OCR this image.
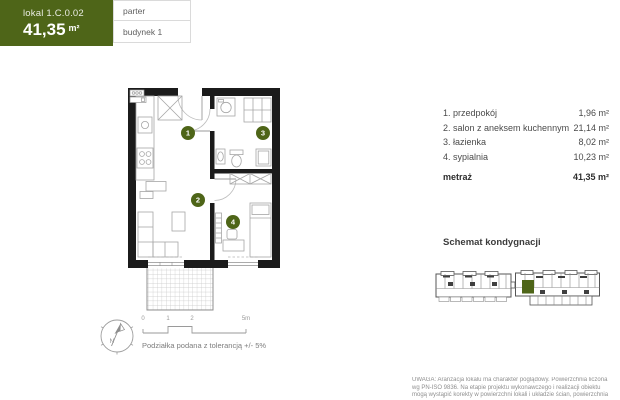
lokal 1.C.0.02
41,35 $^{m^2}$
parter
budynek 1
1
2
3
4
N
0	1	2	5m
Podziałka podana z tolerancją +/- 5%
1. przedpokój	1,96 m²
2. salon z aneksem kuchennym 21,14 m²
3. łazienka	8,02 m²
4. sypialnia	10,23 m²
metraż	41,35 m²
Schemat kondygnacji
UWAGA: Aranżacja lokalu ma charakter poglądowy. Powierzchnia liczona
wg PN-ISO 9836. Na etapie projektu wykonawczego i realizacji obiektu
mogą wystąpić korekty w powierzchni lokali i układzie ścian, powierzchnia
